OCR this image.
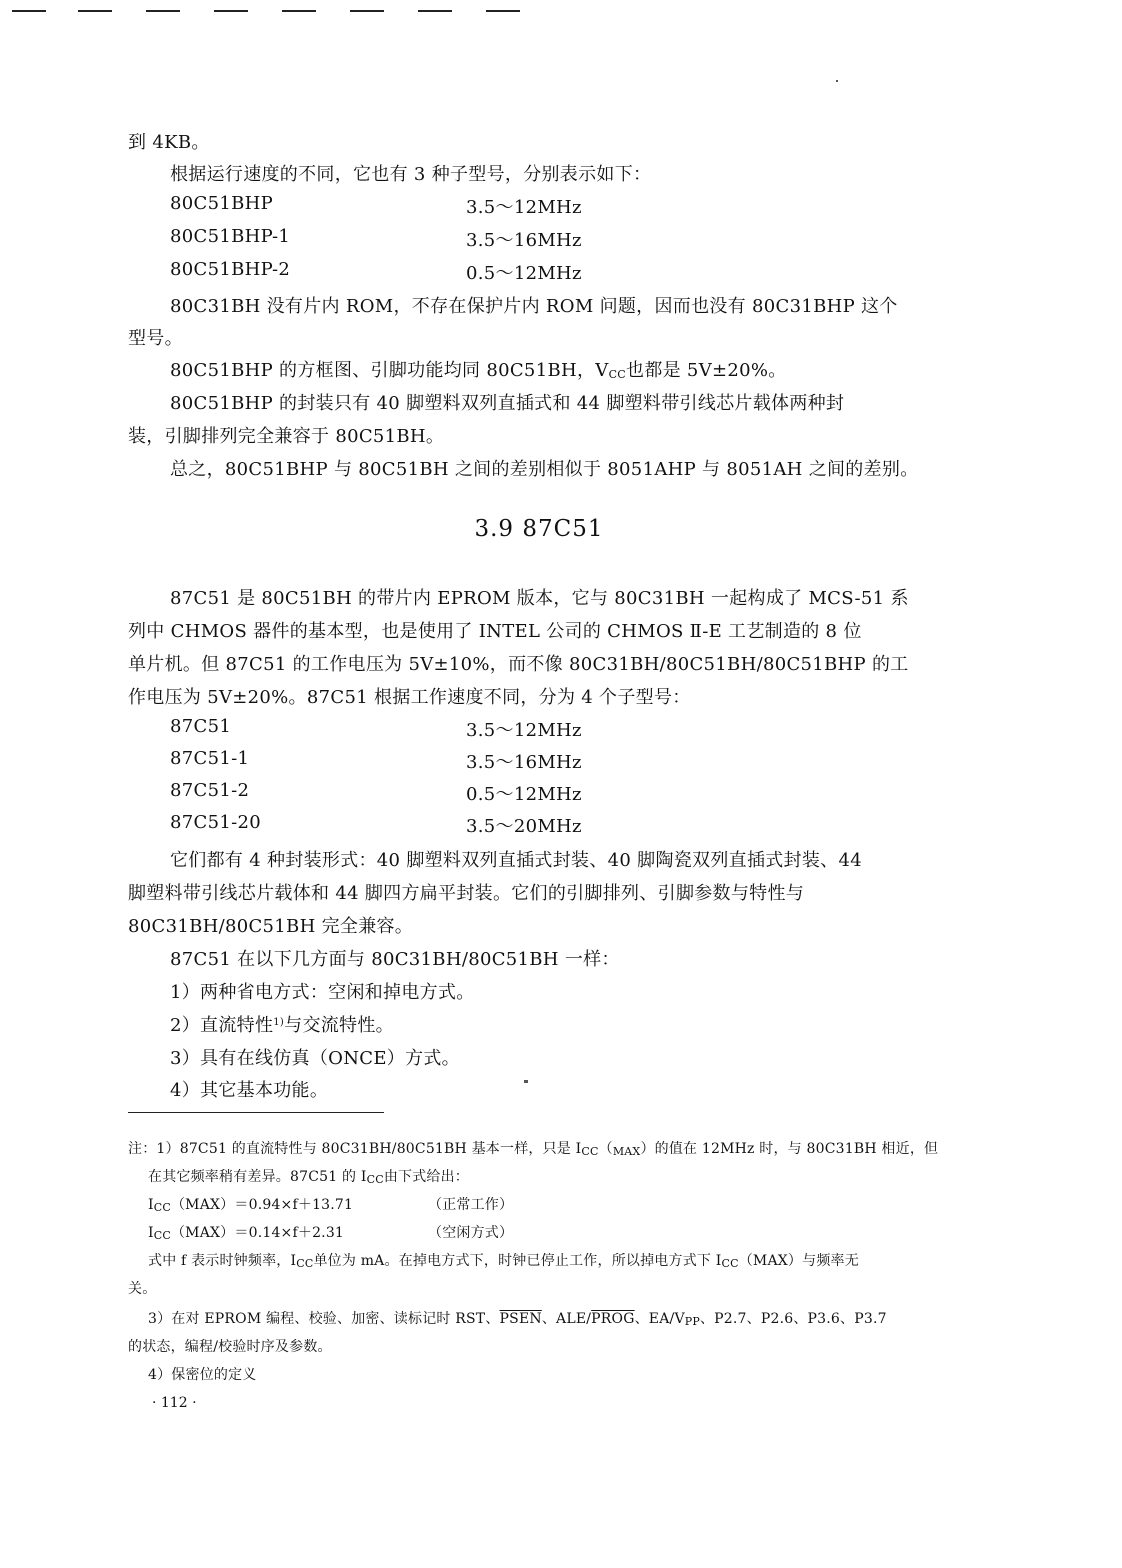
到 4KB。
根据运行速度的不同，它也有 3 种子型号，分别表示如下：
80C51BHP	3.5～12MHz
80C51BHP-1	3.5～16MHz
80C51BHP-2	0.5～12MHz
80C31BH 没有片内 ROM，不存在保护片内 ROM 问题，因而也没有 80C31BHP 这个
型号。
80C51BHP 的方框图、引脚功能均同 80C51BH，VCC也都是 5V±20%。
80C51BHP 的封装只有 40 脚塑料双列直插式和 44 脚塑料带引线芯片载体两种封
装，引脚排列完全兼容于 80C51BH。
总之，80C51BHP 与 80C51BH 之间的差别相似于 8051AHP 与 8051AH 之间的差别。
3.9 87C51
87C51 是 80C51BH 的带片内 EPROM 版本，它与 80C31BH 一起构成了 MCS-51 系
列中 CHMOS 器件的基本型，也是使用了 INTEL 公司的 CHMOS Ⅱ-E 工艺制造的 8 位
单片机。但 87C51 的工作电压为 5V±10%，而不像 80C31BH/80C51BH/80C51BHP 的工
作电压为 5V±20%。87C51 根据工作速度不同，分为 4 个子型号：
87C51	3.5～12MHz
87C51-1	3.5～16MHz
87C51-2	0.5～12MHz
87C51-20	3.5～20MHz
它们都有 4 种封装形式：40 脚塑料双列直插式封装、40 脚陶瓷双列直插式封装、44
脚塑料带引线芯片载体和 44 脚四方扁平封装。它们的引脚排列、引脚参数与特性与
80C31BH/80C51BH 完全兼容。
87C51 在以下几方面与 80C31BH/80C51BH 一样：
1）两种省电方式：空闲和掉电方式。
2）直流特性$^{1)}$与交流特性。
3）具有在线仿真（ONCE）方式。
4）其它基本功能。
注：1）87C51 的直流特性与 80C31BH/80C51BH 基本一样，只是 ICC（MAX）的值在 12MHz 时，与 80C31BH 相近，但
在其它频率稍有差异。87C51 的 ICC由下式给出：
ICC（MAX）＝0.94×f＋13.71	（正常工作）
ICC（MAX）＝0.14×f＋2.31	（空闲方式）
式中 f 表示时钟频率，ICC单位为 mA。在掉电方式下，时钟已停止工作，所以掉电方式下 ICC（MAX）与频率无
关。
3）在对 EPROM 编程、校验、加密、读标记时 RST、PSEN、ALE/PROG、EA/VPP、P2.7、P2.6、P3.6、P3.7
的状态，编程/校验时序及参数。
4）保密位的定义
· 112 ·
